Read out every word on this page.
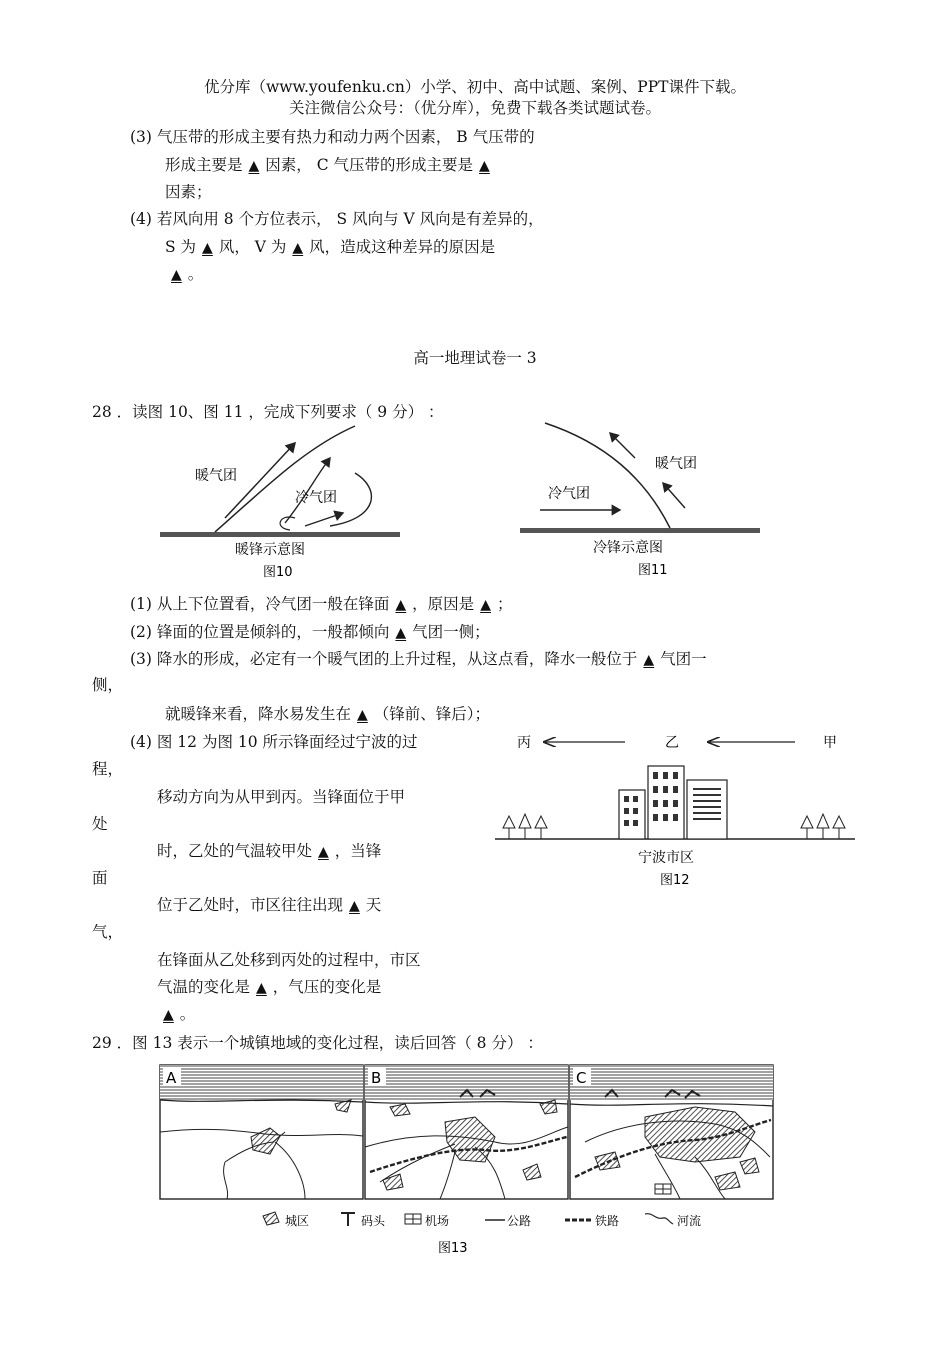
优分库（www.youfenku.cn）小学、初中、高中试题、案例、PPT课件下载。
关注微信公众号：（优分库），免费下载各类试题试卷。
(3) 气压带的形成主要有热力和动力两个因素， B 气压带的
形成主要是 ▲ 因素， C 气压带的形成主要是 ▲
因素；
(4) 若风向用 8 个方位表示， S 风向与 V 风向是有差异的，
S 为 ▲ 风， V 为 ▲ 风，造成这种差异的原因是
▲ 。
高一地理试卷一 3
28 ．读图 10、图 11 ，完成下列要求（ 9 分） ：
暖气团
冷气团
暖锋示意图
图10
暖气团
冷气团
冷锋示意图
图11
(1) 从上下位置看，冷气团一般在锋面 ▲ ，原因是 ▲ ；
(2) 锋面的位置是倾斜的，一般都倾向 ▲ 气团一侧；
(3) 降水的形成，必定有一个暖气团的上升过程，从这点看，降水一般位于 ▲ 气团一
侧，
就暖锋来看，降水易发生在 ▲ （锋前、锋后）；
(4) 图 12 为图 10 所示锋面经过宁波的过
程，
移动方向为从甲到丙。当锋面位于甲
处
时，乙处的气温较甲处 ▲ ，当锋
面
位于乙处时，市区往往出现 ▲ 天
气，
在锋面从乙处移到丙处的过程中，市区
气温的变化是 ▲ ，气压的变化是
▲ 。
丙	乙	甲
宁波市区
图12
29 ．图 13 表示一个城镇地域的变化过程，读后回答（ 8 分） ：
A	B	C
城区	码头	机场	公路	铁路	河流
图13
